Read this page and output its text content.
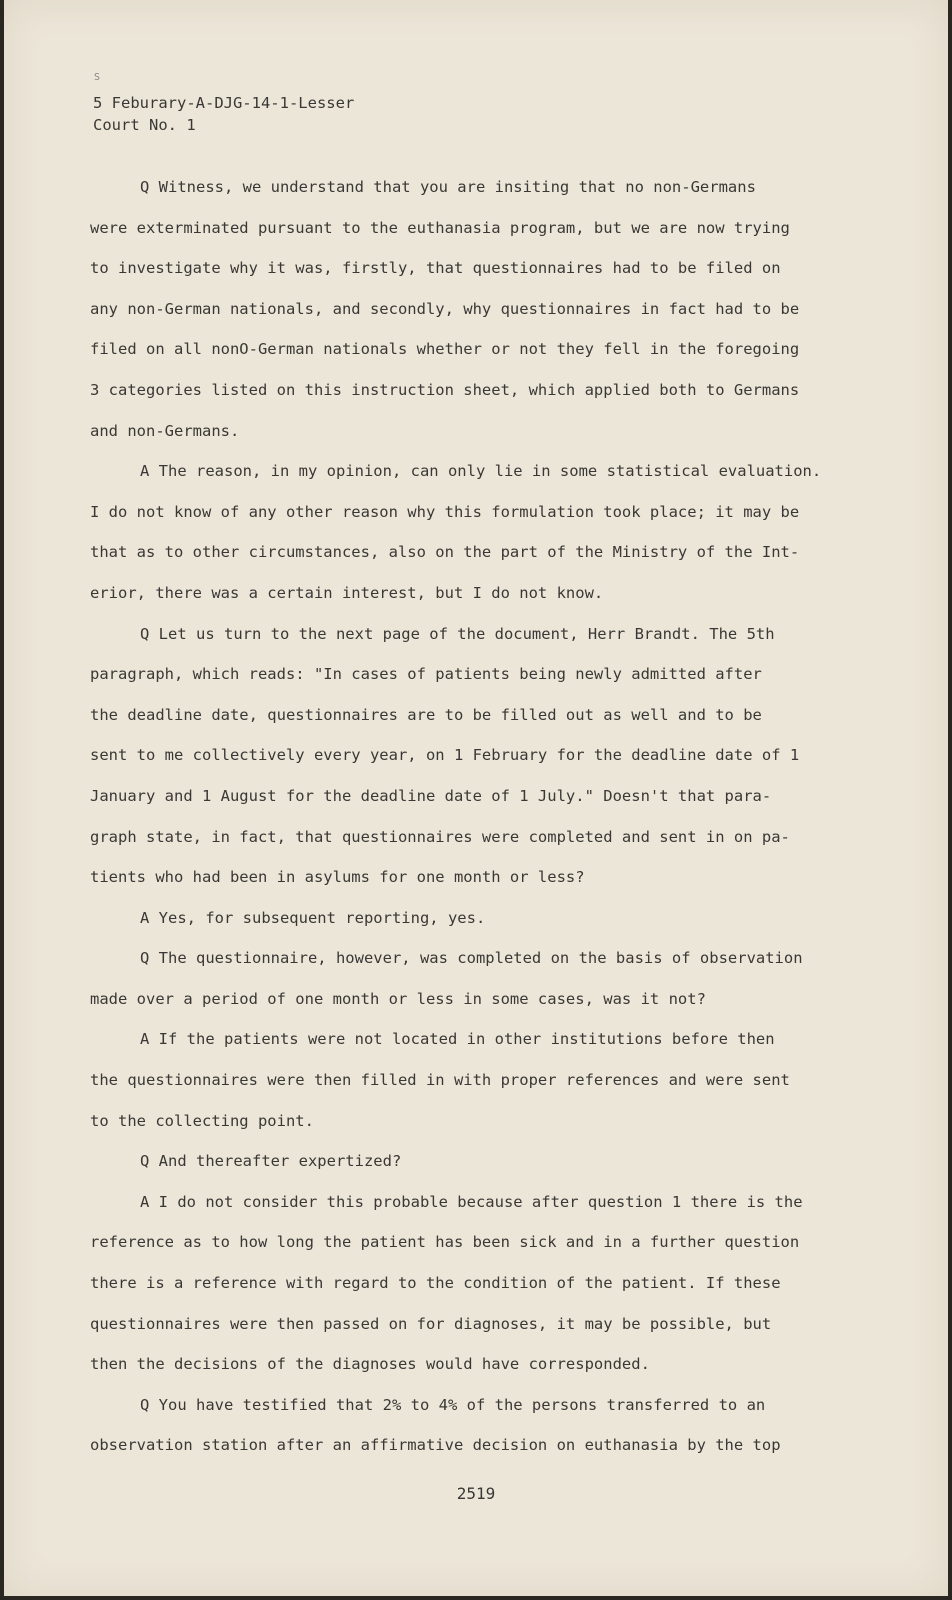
S
5 Feburary-A-DJG-14-1-Lesser
Court No. 1
Q Witness, we understand that you are insiting that no non-Germans
were exterminated pursuant to the euthanasia program, but we are now trying
to investigate why it was, firstly, that questionnaires had to be filed on
any non-German nationals, and secondly, why questionnaires in fact had to be
filed on all nonO-German nationals whether or not they fell in the foregoing
3 categories listed on this instruction sheet, which applied both to Germans
and non-Germans.
A The reason, in my opinion, can only lie in some statistical evaluation.
I do not know of any other reason why this formulation took place; it may be
that as to other circumstances, also on the part of the Ministry of the Int-
erior, there was a certain interest, but I do not know.
Q Let us turn to the next page of the document, Herr Brandt. The 5th
paragraph, which reads: "In cases of patients being newly admitted after
the deadline date, questionnaires are to be filled out as well and to be
sent to me collectively every year, on 1 February for the deadline date of 1
January and 1 August for the deadline date of 1 July." Doesn't that para-
graph state, in fact, that questionnaires were completed and sent in on pa-
tients who had been in asylums for one month or less?
A Yes, for subsequent reporting, yes.
Q The questionnaire, however, was completed on the basis of observation
made over a period of one month or less in some cases, was it not?
A If the patients were not located in other institutions before then
the questionnaires were then filled in with proper references and were sent
to the collecting point.
Q And thereafter expertized?
A I do not consider this probable because after question 1 there is the
reference as to how long the patient has been sick and in a further question
there is a reference with regard to the condition of the patient. If these
questionnaires were then passed on for diagnoses, it may be possible, but
then the decisions of the diagnoses would have corresponded.
Q You have testified that 2% to 4% of the persons transferred to an
observation station after an affirmative decision on euthanasia by the top
2519
